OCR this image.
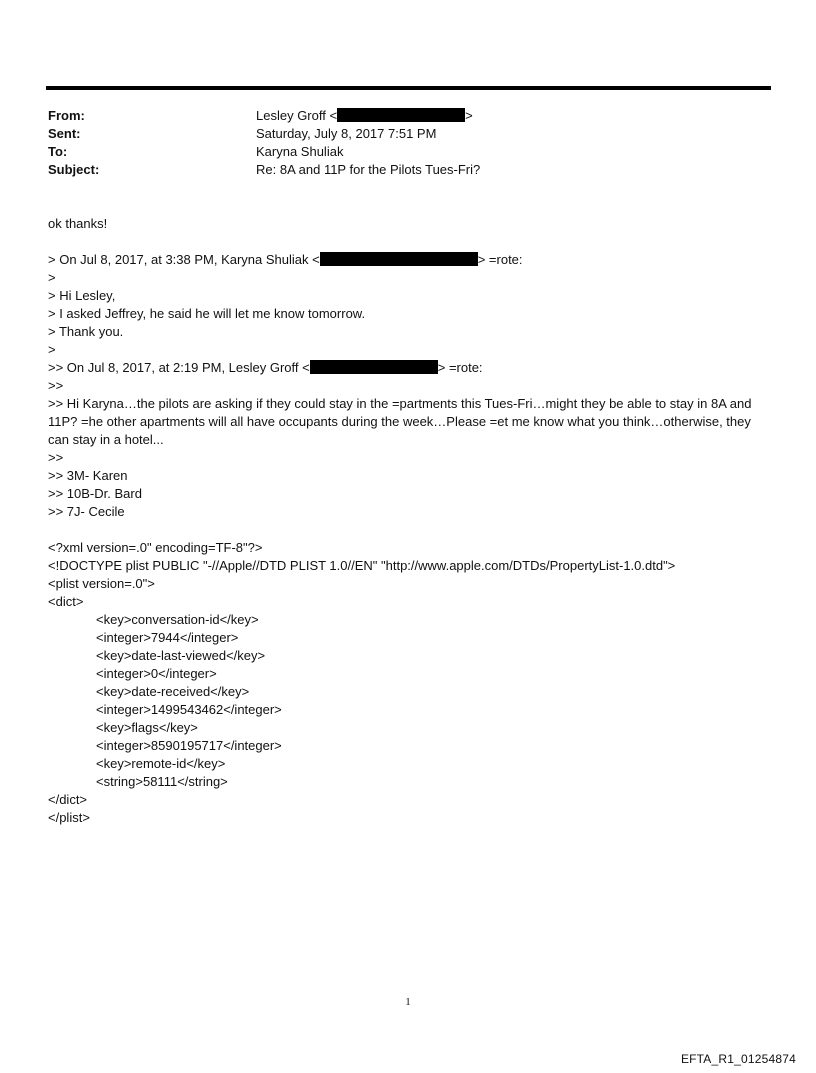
From:	Lesley Groff <	>
Sent:	Saturday, July 8, 2017 7:51 PM
To:	Karyna Shuliak
Subject:	Re: 8A and 11P for the Pilots Tues-Fri?
ok thanks!
> On Jul 8, 2017, at 3:38 PM, Karyna Shuliak <	> =rote:
>
> Hi Lesley,
> I asked Jeffrey, he said he will let me know tomorrow.
> Thank you.
>
>> On Jul 8, 2017, at 2:19 PM, Lesley Groff <	> =rote:
>>
>> Hi Karyna…the pilots are asking if they could stay in the =partments this Tues-Fri…might they be able to stay in 8A and 11P? =he other apartments will all have occupants during the week…Please =et me know what you think…otherwise, they can stay in a hotel...
>>
>> 3M- Karen
>> 10B-Dr. Bard
>> 7J- Cecile
<?xml version=.0" encoding=TF-8"?>
<!DOCTYPE plist PUBLIC "-//Apple//DTD PLIST 1.0//EN" "http://www.apple.com/DTDs/PropertyList-1.0.dtd">
<plist version=.0">
<dict>
<key>conversation-id</key>
<integer>7944</integer>
<key>date-last-viewed</key>
<integer>0</integer>
<key>date-received</key>
<integer>1499543462</integer>
<key>flags</key>
<integer>8590195717</integer>
<key>remote-id</key>
<string>58111</string>
</dict>
</plist>
1
EFTA_R1_01254874
